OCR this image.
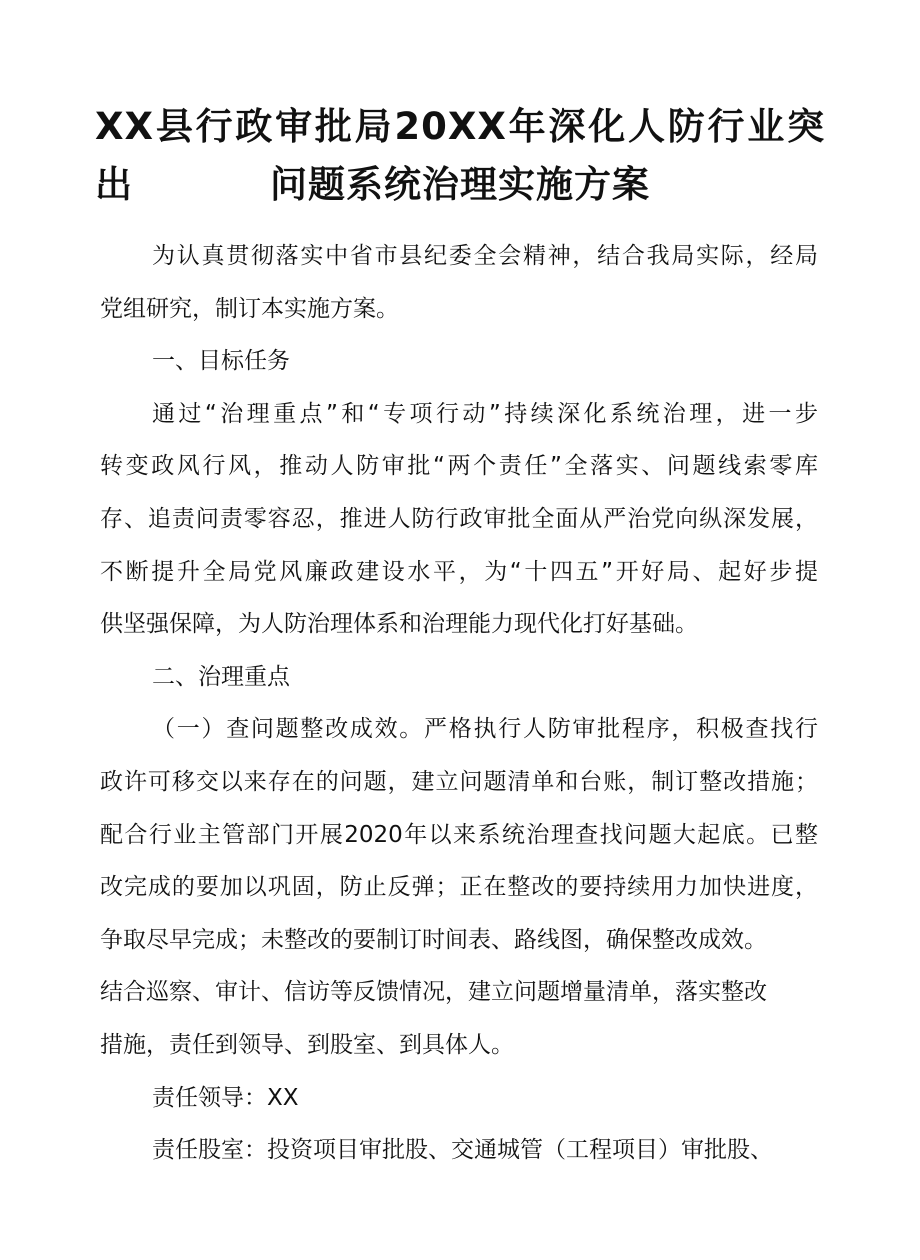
XX县行政审批局20XX年深化人防行业突出	问题系统治理实施方案
为认真贯彻落实中省市县纪委全会精神，结合我局实际，经局
党组研究，制订本实施方案。
一、目标任务
通过“治理重点”和“专项行动”持续深化系统治理，进一步
转变政风行风，推动人防审批“两个责任”全落实、问题线索零库
存、追责问责零容忍，推进人防行政审批全面从严治党向纵深发展，
不断提升全局党风廉政建设水平，为“十四五”开好局、起好步提
供坚强保障，为人防治理体系和治理能力现代化打好基础。
二、治理重点
（一）查问题整改成效。严格执行人防审批程序，积极查找行
政许可移交以来存在的问题，建立问题清单和台账，制订整改措施；
配合行业主管部门开展2020年以来系统治理查找问题大起底。已整
改完成的要加以巩固，防止反弹；正在整改的要持续用力加快进度，
争取尽早完成；未整改的要制订时间表、路线图，确保整改成效。
结合巡察、审计、信访等反馈情况，建立问题增量清单，落实整改
措施，责任到领导、到股室、到具体人。
责任领导：XX
责任股室：投资项目审批股、交通城管（工程项目）审批股、
